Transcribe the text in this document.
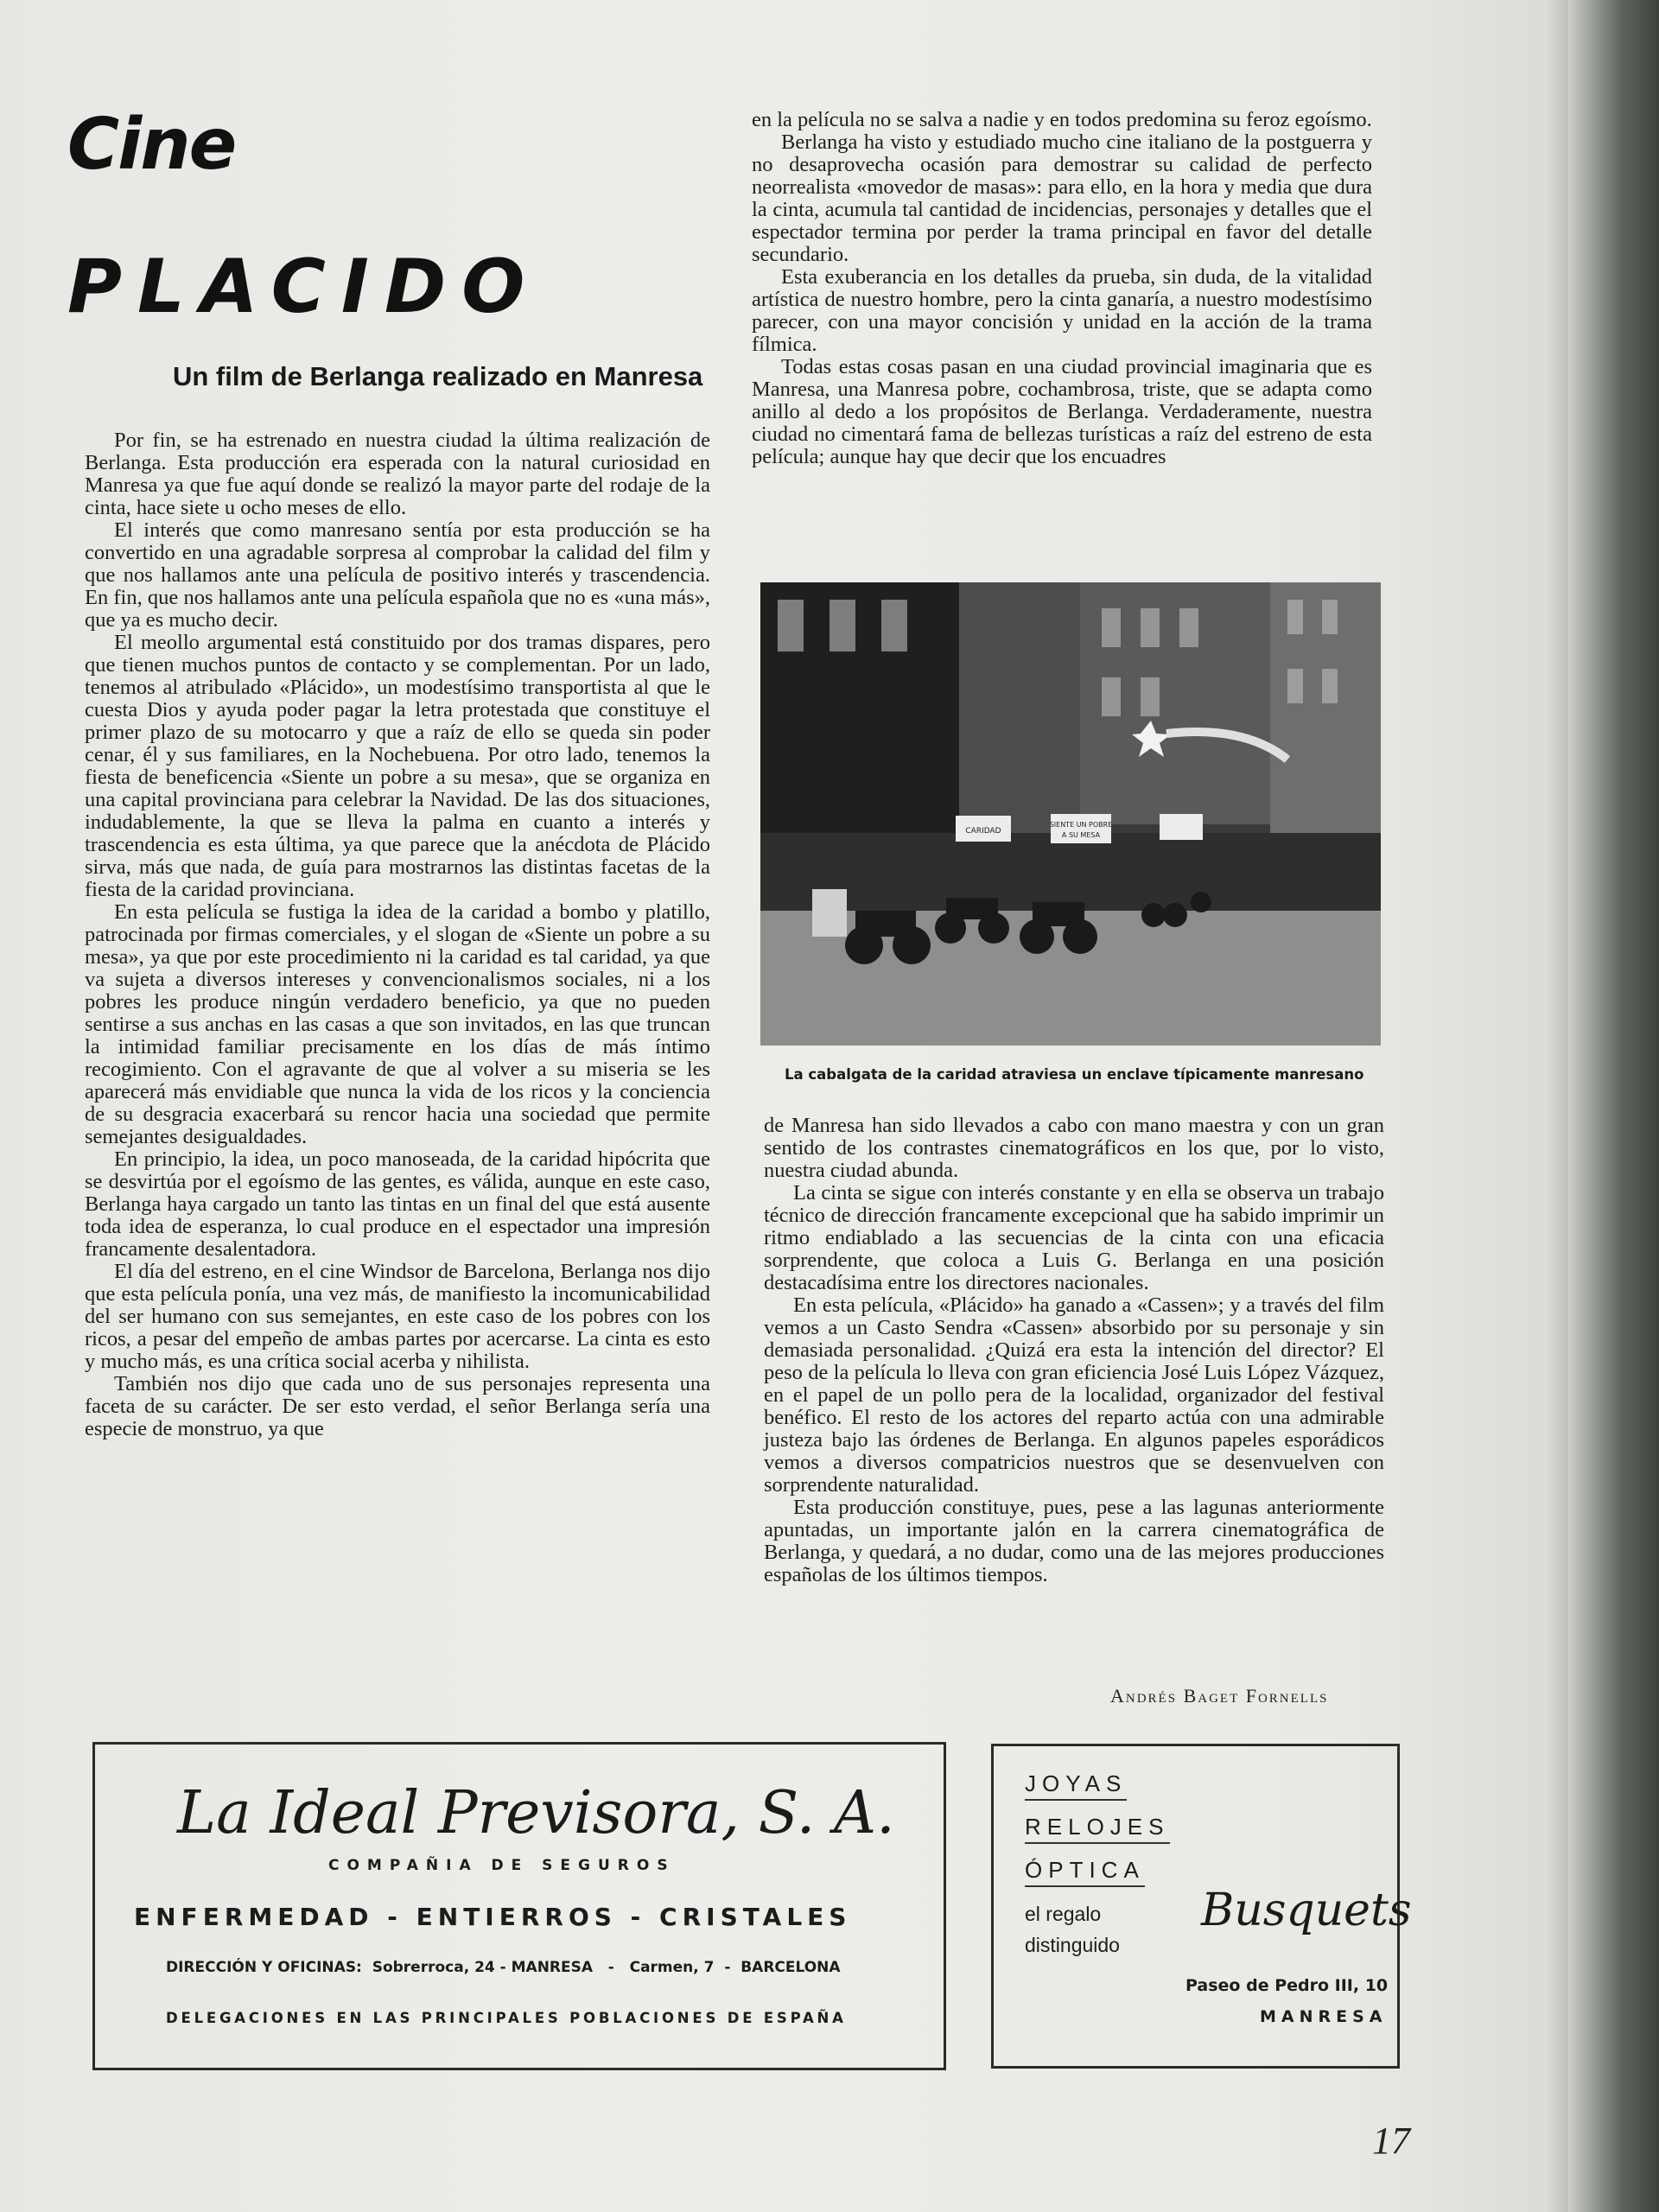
Cine
PLACIDO
Un film de Berlanga realizado en Manresa

Por fin, se ha estrenado en nuestra ciudad la última realización de Berlanga. Esta producción era esperada con la natural curiosidad en Manresa ya que fue aquí donde se realizó la mayor parte del rodaje de la cinta, hace siete u ocho meses de ello.

El interés que como manresano sentía por esta producción se ha convertido en una agradable sorpresa al comprobar la calidad del film y que nos hallamos ante una película de positivo interés y trascendencia. En fin, que nos hallamos ante una película española que no es «una más», que ya es mucho decir.

El meollo argumental está constituido por dos tramas dispares, pero que tienen muchos puntos de contacto y se complementan. Por un lado, tenemos al atribulado «Plácido», un modestísimo transportista al que le cuesta Dios y ayuda poder pagar la letra protestada que constituye el primer plazo de su motocarro y que a raíz de ello se queda sin poder cenar, él y sus familiares, en la Nochebuena. Por otro lado, tenemos la fiesta de beneficencia «Siente un pobre a su mesa», que se organiza en una capital provinciana para celebrar la Navidad. De las dos situaciones, indudablemente, la que se lleva la palma en cuanto a interés y trascendencia es esta última, ya que parece que la anécdota de Plácido sirva, más que nada, de guía para mostrarnos las distintas facetas de la fiesta de la caridad provinciana.

En esta película se fustiga la idea de la caridad a bombo y platillo, patrocinada por firmas comerciales, y el slogan de «Siente un pobre a su mesa», ya que por este procedimiento ni la caridad es tal caridad, ya que va sujeta a diversos intereses y convencionalismos sociales, ni a los pobres les produce ningún verdadero beneficio, ya que no pueden sentirse a sus anchas en las casas a que son invitados, en las que truncan la intimidad familiar precisamente en los días de más íntimo recogimiento. Con el agravante de que al volver a su miseria se les aparecerá más envidiable que nunca la vida de los ricos y la conciencia de su desgracia exacerbará su rencor hacia una sociedad que permite semejantes desigualdades.

En principio, la idea, un poco manoseada, de la caridad hipócrita que se desvirtúa por el egoísmo de las gentes, es válida, aunque en este caso, Berlanga haya cargado un tanto las tintas en un final del que está ausente toda idea de esperanza, lo cual produce en el espectador una impresión francamente desalentadora.

El día del estreno, en el cine Windsor de Barcelona, Berlanga nos dijo que esta película ponía, una vez más, de manifiesto la incomunicabilidad del ser humano con sus semejantes, en este caso de los pobres con los ricos, a pesar del empeño de ambas partes por acercarse. La cinta es esto y mucho más, es una crítica social acerba y nihilista.

También nos dijo que cada uno de sus personajes representa una faceta de su carácter. De ser esto verdad, el señor Berlanga sería una especie de monstruo, ya que

en la película no se salva a nadie y en todos predomina su feroz egoísmo.

Berlanga ha visto y estudiado mucho cine italiano de la postguerra y no desaprovecha ocasión para demostrar su calidad de perfecto neorrealista «movedor de masas»: para ello, en la hora y media que dura la cinta, acumula tal cantidad de incidencias, personajes y detalles que el espectador termina por perder la trama principal en favor del detalle secundario.

Esta exuberancia en los detalles da prueba, sin duda, de la vitalidad artística de nuestro hombre, pero la cinta ganaría, a nuestro modestísimo parecer, con una mayor concisión y unidad en la acción de la trama fílmica.

Todas estas cosas pasan en una ciudad provincial imaginaria que es Manresa, una Manresa pobre, cochambrosa, triste, que se adapta como anillo al dedo a los propósitos de Berlanga. Verdaderamente, nuestra ciudad no cimentará fama de bellezas turísticas a raíz del estreno de esta película; aunque hay que decir que los encuadres

CARIDAD
SIENTE UN POBRE
A SU MESA
La cabalgata de la caridad atraviesa un enclave típicamente manresano

de Manresa han sido llevados a cabo con mano maestra y con un gran sentido de los contrastes cinematográficos en los que, por lo visto, nuestra ciudad abunda.

La cinta se sigue con interés constante y en ella se observa un trabajo técnico de dirección francamente excepcional que ha sabido imprimir un ritmo endiablado a las secuencias de la cinta con una eficacia sorprendente, que coloca a Luis G. Berlanga en una posición destacadísima entre los directores nacionales.

En esta película, «Plácido» ha ganado a «Cassen»; y a través del film vemos a un Casto Sendra «Cassen» absorbido por su personaje y sin demasiada personalidad. ¿Quizá era esta la intención del director? El peso de la película lo lleva con gran eficiencia José Luis López Vázquez, en el papel de un pollo pera de la localidad, organizador del festival benéfico. El resto de los actores del reparto actúa con una admirable justeza bajo las órdenes de Berlanga. En algunos papeles esporádicos vemos a diversos compatricios nuestros que se desenvuelven con sorprendente naturalidad.

Esta producción constituye, pues, pese a las lagunas anteriormente apuntadas, un importante jalón en la carrera cinematográfica de Berlanga, y quedará, a no dudar, como una de las mejores producciones españolas de los últimos tiempos.

Andrés Baget Fornells
La Ideal Previsora, S. A.
COMPAÑIA DE SEGUROS
ENFERMEDAD - ENTIERROS - CRISTALES
DIRECCIÓN Y OFICINAS:  Sobrerroca, 24 - MANRESA   -   Carmen, 7  -  BARCELONA
DELEGACIONES EN LAS PRINCIPALES POBLACIONES DE ESPAÑA
JOYAS
RELOJES
ÓPTICA
el regalo distinguido
Busquets
Paseo de Pedro III, 10
MANRESA
17
